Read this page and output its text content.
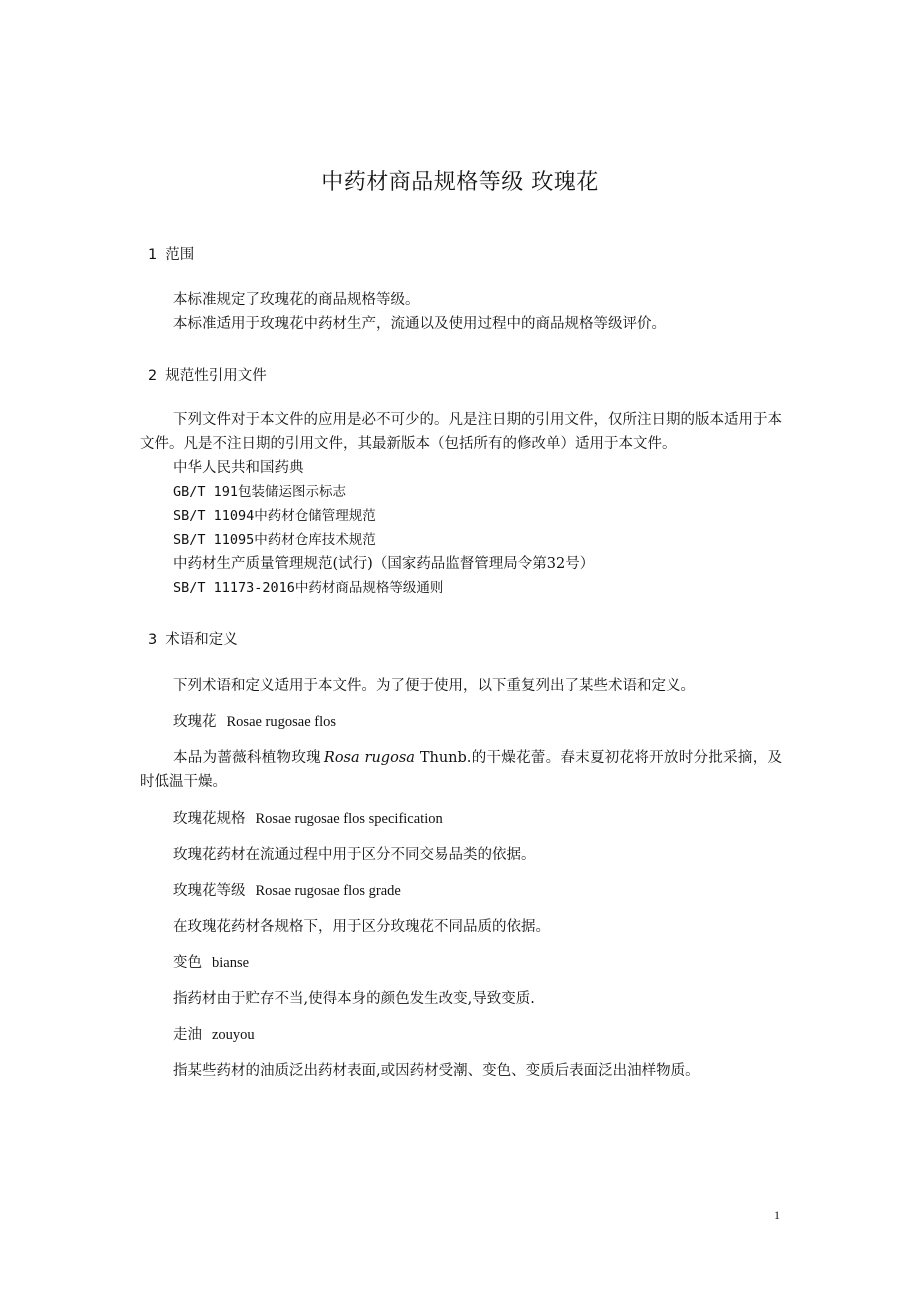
中药材商品规格等级 玫瑰花
1 范围
本标准规定了玫瑰花的商品规格等级。
本标准适用于玫瑰花中药材生产，流通以及使用过程中的商品规格等级评价。
2 规范性引用文件
下列文件对于本文件的应用是必不可少的。凡是注日期的引用文件，仅所注日期的版本适用于本文件。凡是不注日期的引用文件，其最新版本（包括所有的修改单）适用于本文件。
中华人民共和国药典
GB/T 191包装储运图示标志
SB/T 11094中药材仓储管理规范
SB/T 11095中药材仓库技术规范
中药材生产质量管理规范(试行)（国家药品监督管理局令第32号）
SB/T 11173-2016中药材商品规格等级通则
3 术语和定义
下列术语和定义适用于本文件。为了便于使用，以下重复列出了某些术语和定义。
玫瑰花 Rosae rugosae flos
本品为蔷薇科植物玫瑰 Rosa rugosa Thunb.的干燥花蕾。春末夏初花将开放时分批采摘，及时低温干燥。
玫瑰花规格 Rosae rugosae flos specification
玫瑰花药材在流通过程中用于区分不同交易品类的依据。
玫瑰花等级 Rosae rugosae flos grade
在玫瑰花药材各规格下，用于区分玫瑰花不同品质的依据。
变色 bianse
指药材由于贮存不当,使得本身的颜色发生改变,导致变质.
走油 zouyou
指某些药材的油质泛出药材表面,或因药材受潮、变色、变质后表面泛出油样物质。
1
